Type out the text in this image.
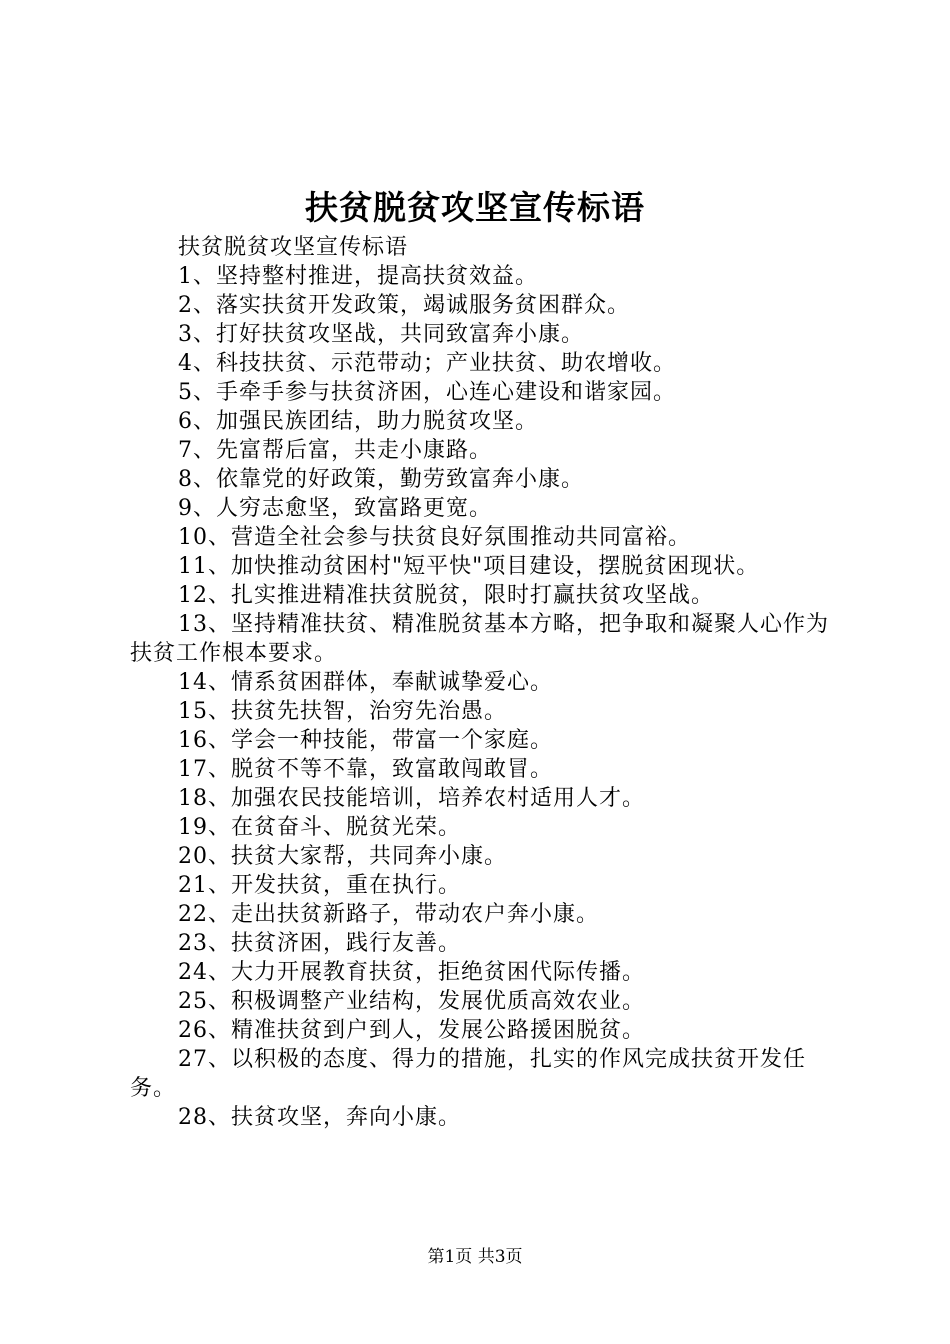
扶贫脱贫攻坚宣传标语

扶贫脱贫攻坚宣传标语

1、坚持整村推进，提高扶贫效益。

2、落实扶贫开发政策，竭诚服务贫困群众。

3、打好扶贫攻坚战，共同致富奔小康。

4、科技扶贫、示范带动；产业扶贫、助农增收。

5、手牵手参与扶贫济困，心连心建设和谐家园。

6、加强民族团结，助力脱贫攻坚。

7、先富帮后富，共走小康路。

8、依靠党的好政策，勤劳致富奔小康。

9、人穷志愈坚，致富路更宽。

10、营造全社会参与扶贫良好氛围推动共同富裕。

11、加快推动贫困村"短平快"项目建设，摆脱贫困现状。

12、扎实推进精准扶贫脱贫，限时打赢扶贫攻坚战。

13、坚持精准扶贫、精准脱贫基本方略，把争取和凝聚人心作为扶贫工作根本要求。

14、情系贫困群体，奉献诚挚爱心。

15、扶贫先扶智，治穷先治愚。

16、学会一种技能，带富一个家庭。

17、脱贫不等不靠，致富敢闯敢冒。

18、加强农民技能培训，培养农村适用人才。

19、在贫奋斗、脱贫光荣。

20、扶贫大家帮，共同奔小康。

21、开发扶贫，重在执行。

22、走出扶贫新路子，带动农户奔小康。

23、扶贫济困，践行友善。

24、大力开展教育扶贫，拒绝贫困代际传播。

25、积极调整产业结构，发展优质高效农业。

26、精准扶贫到户到人，发展公路援困脱贫。

27、以积极的态度、得力的措施，扎实的作风完成扶贫开发任务。

28、扶贫攻坚，奔向小康。

第1页 共3页
